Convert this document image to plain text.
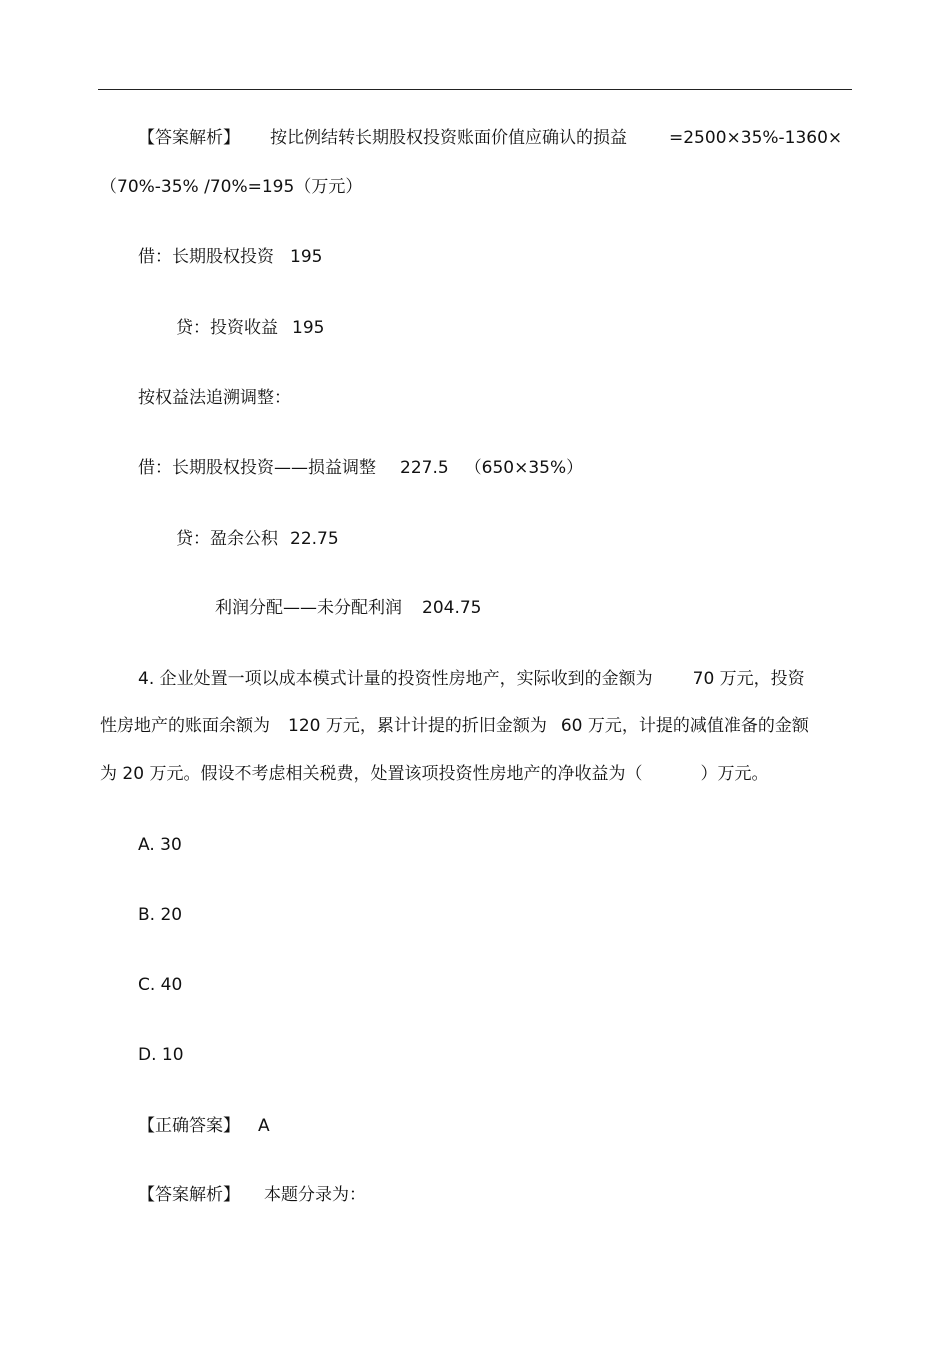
【答案解析】 按比例结转长期股权投资账面价值应确认的损益 =2500×35%-1360×
（70%-35% /70%=195（万元）
借：长期股权投资 195
贷：投资收益 195
按权益法追溯调整：
借：长期股权投资——损益调整 227.5 （650×35%）
贷：盈余公积 22.75
利润分配——未分配利润 204.75
4. 企业处置一项以成本模式计量的投资性房地产，实际收到的金额为 70 万元，投资
性房地产的账面余额为 120 万元，累计计提的折旧金额为 60 万元，计提的减值准备的金额
为 20 万元。假设不考虑相关税费，处置该项投资性房地产的净收益为（	）万元。
A. 30
B. 20
C. 40
D. 10
【正确答案】 A
【答案解析】 本题分录为：
